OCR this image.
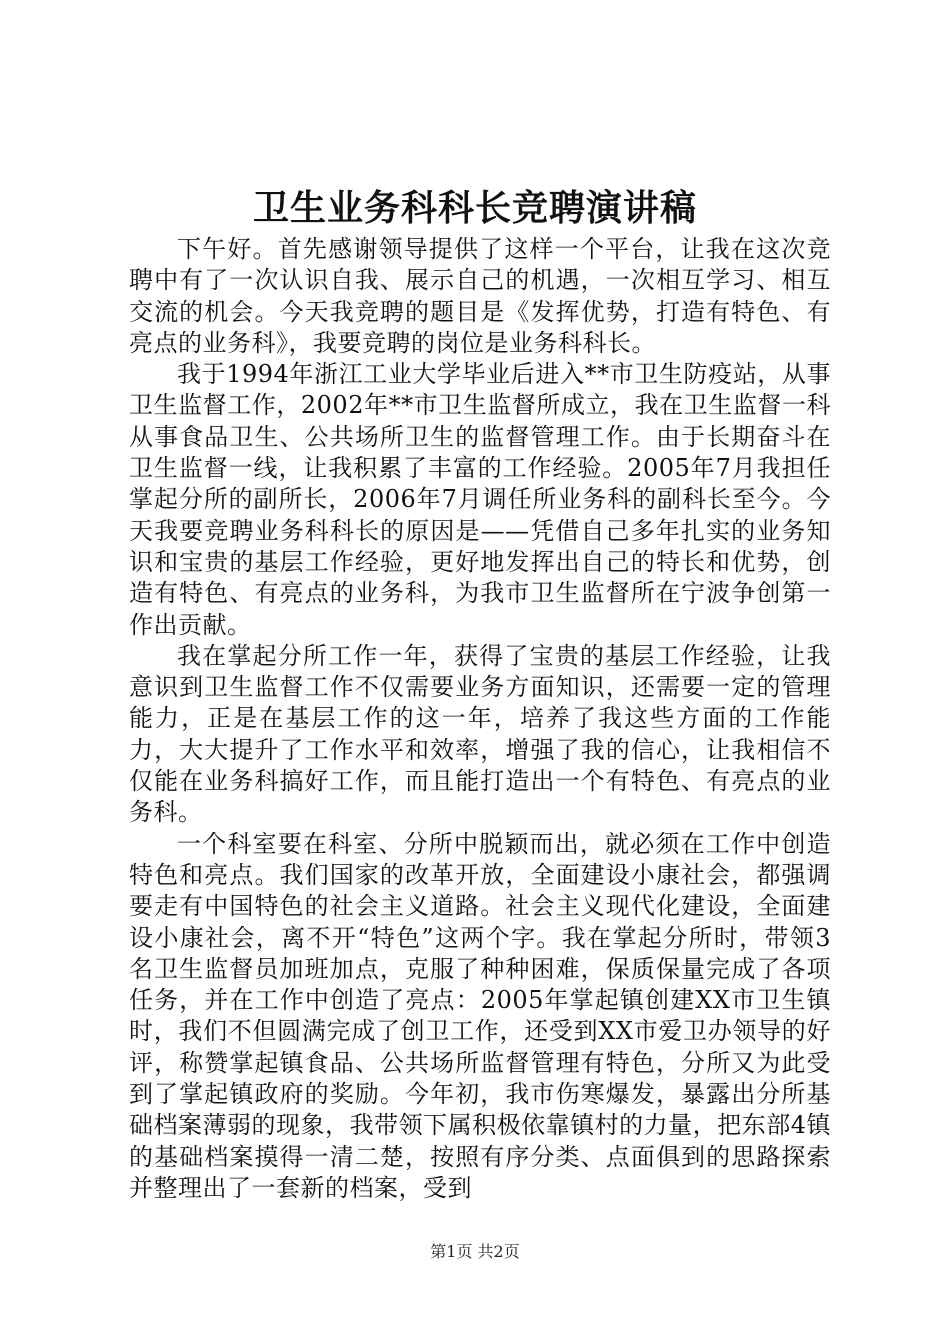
卫生业务科科长竞聘演讲稿

下午好。首先感谢领导提供了这样一个平台，让我在这次竞聘中有了一次认识自我、展示自己的机遇，一次相互学习、相互交流的机会。今天我竞聘的题目是《发挥优势，打造有特色、有亮点的业务科》，我要竞聘的岗位是业务科科长。

我于1994年浙江工业大学毕业后进入**市卫生防疫站，从事卫生监督工作，2002年**市卫生监督所成立，我在卫生监督一科从事食品卫生、公共场所卫生的监督管理工作。由于长期奋斗在卫生监督一线，让我积累了丰富的工作经验。2005年7月我担任掌起分所的副所长，2006年7月调任所业务科的副科长至今。今天我要竞聘业务科科长的原因是——凭借自己多年扎实的业务知识和宝贵的基层工作经验，更好地发挥出自己的特长和优势，创造有特色、有亮点的业务科，为我市卫生监督所在宁波争创第一作出贡献。

我在掌起分所工作一年，获得了宝贵的基层工作经验，让我意识到卫生监督工作不仅需要业务方面知识，还需要一定的管理能力，正是在基层工作的这一年，培养了我这些方面的工作能力，大大提升了工作水平和效率，增强了我的信心，让我相信不仅能在业务科搞好工作，而且能打造出一个有特色、有亮点的业务科。

一个科室要在科室、分所中脱颖而出，就必须在工作中创造特色和亮点。我们国家的改革开放，全面建设小康社会，都强调要走有中国特色的社会主义道路。社会主义现代化建设，全面建设小康社会，离不开“特色”这两个字。我在掌起分所时，带领3名卫生监督员加班加点，克服了种种困难，保质保量完成了各项任务，并在工作中创造了亮点：2005年掌起镇创建XX市卫生镇时，我们不但圆满完成了创卫工作，还受到XX市爱卫办领导的好评，称赞掌起镇食品、公共场所监督管理有特色，分所又为此受到了掌起镇政府的奖励。今年初，我市伤寒爆发，暴露出分所基础档案薄弱的现象，我带领下属积极依靠镇村的力量，把东部4镇的基础档案摸得一清二楚，按照有序分类、点面俱到的思路探索并整理出了一套新的档案，受到

第1页 共2页
